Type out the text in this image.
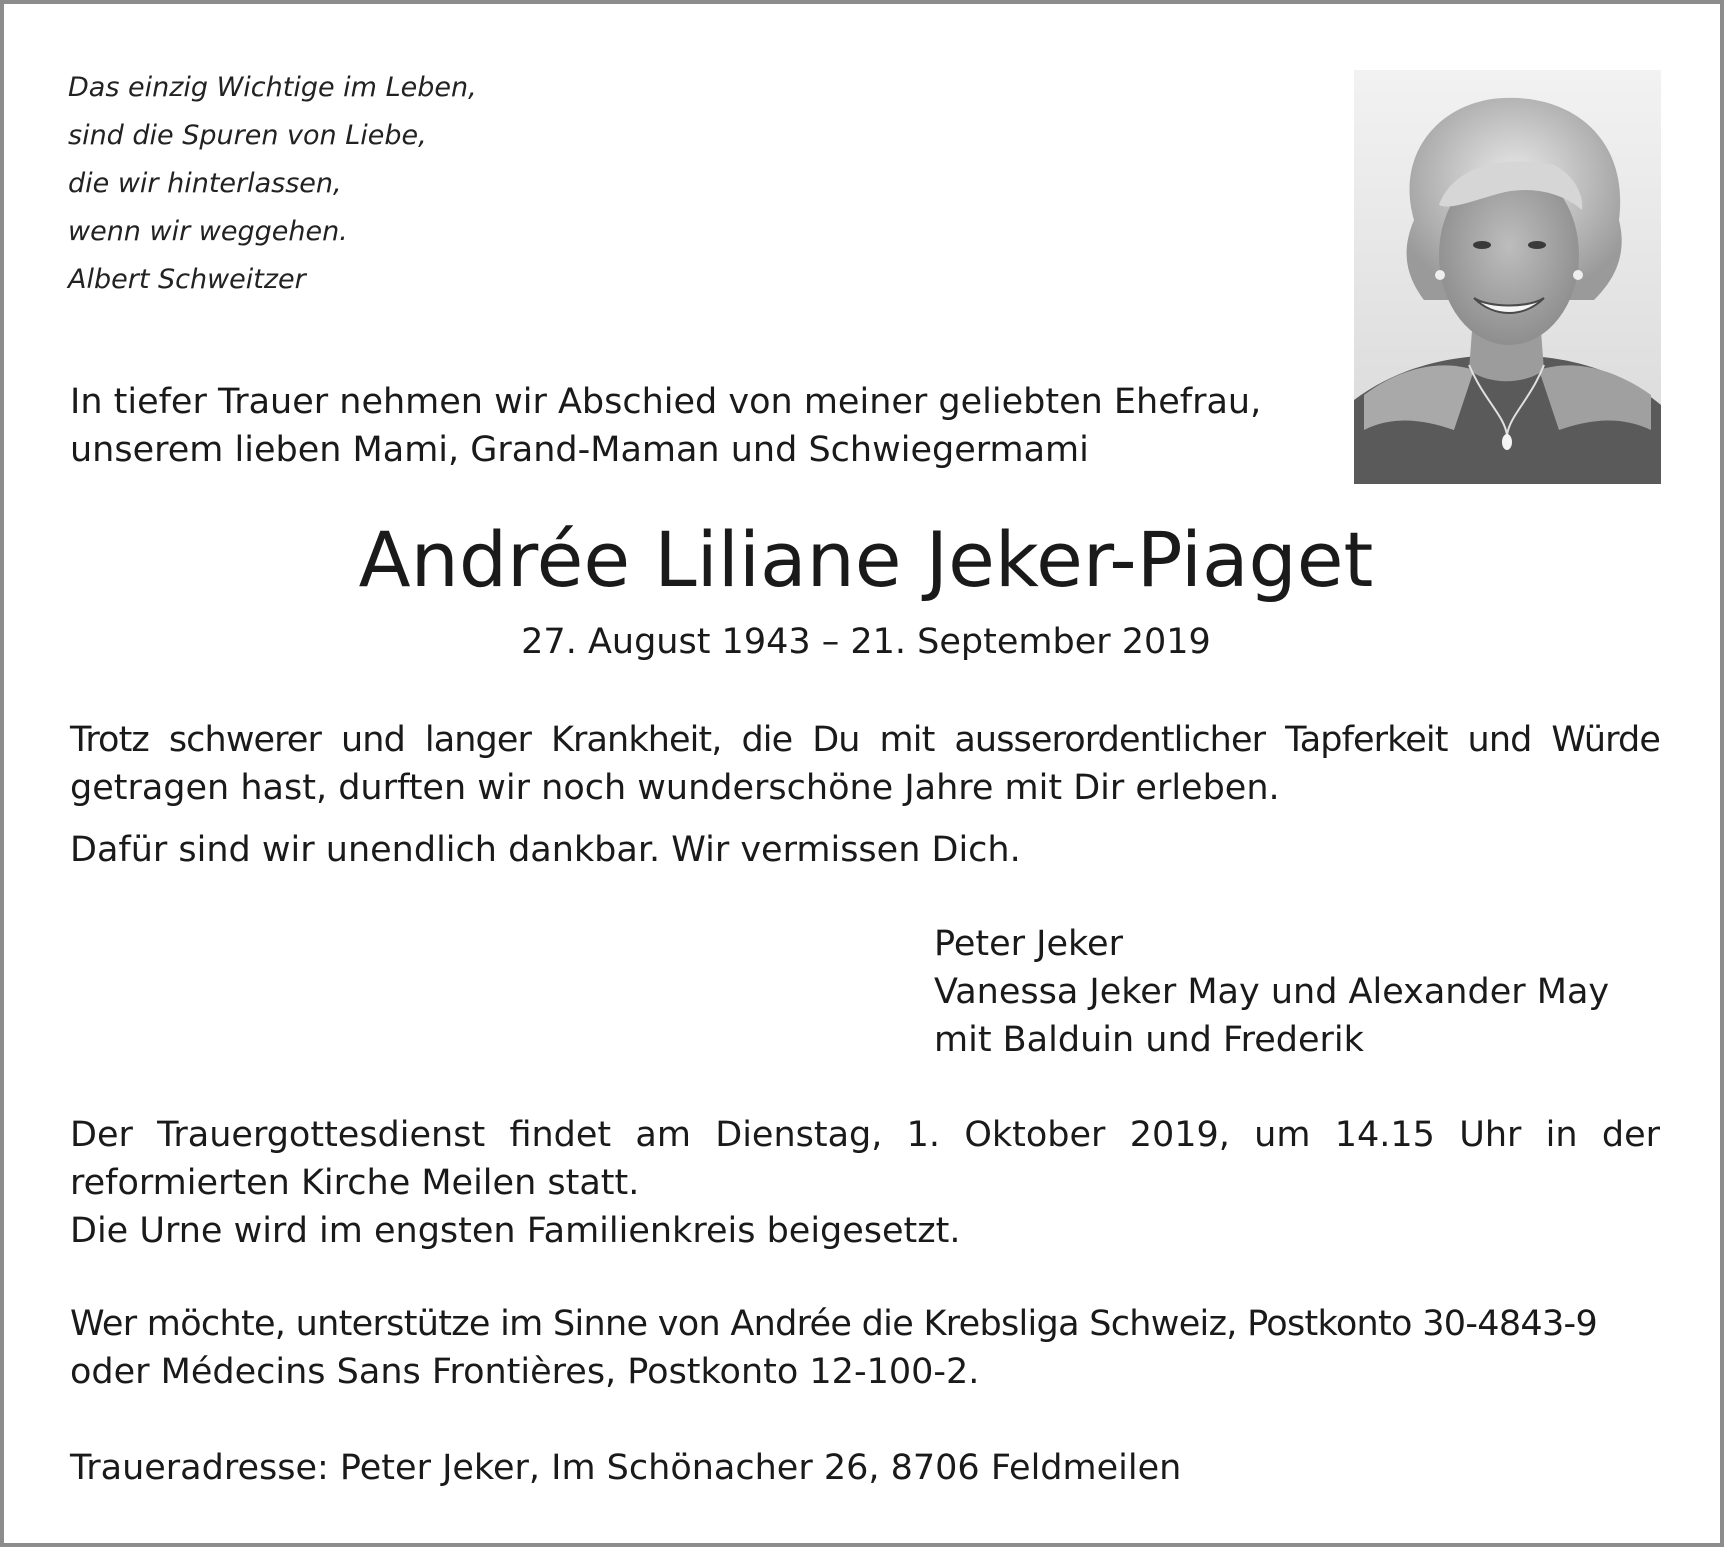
Das einzig Wichtige im Leben,
sind die Spuren von Liebe,
die wir hinterlassen,
wenn wir weggehen.
Albert Schweitzer
In tiefer Trauer nehmen wir Abschied von meiner geliebten Ehefrau,
unserem lieben Mami, Grand-Maman und Schwiegermami
Andrée Liliane Jeker-Piaget
27. August 1943 – 21. September 2019
Trotz schwerer und langer Krankheit, die Du mit ausserordentlicher Tapferkeit und Würde
getragen hast, durften wir noch wunderschöne Jahre mit Dir erleben.
Dafür sind wir unendlich dankbar. Wir vermissen Dich.
Peter Jeker
Vanessa Jeker May und Alexander May
mit Balduin und Frederik
Der Trauergottesdienst findet am Dienstag, 1. Oktober 2019, um 14.15 Uhr in der
reformierten Kirche Meilen statt.
Die Urne wird im engsten Familienkreis beigesetzt.
Wer möchte, unterstütze im Sinne von Andrée die Krebsliga Schweiz, Postkonto 30-4843-9
oder Médecins Sans Frontières, Postkonto 12-100-2.
Traueradresse: Peter Jeker, Im Schönacher 26, 8706 Feldmeilen
